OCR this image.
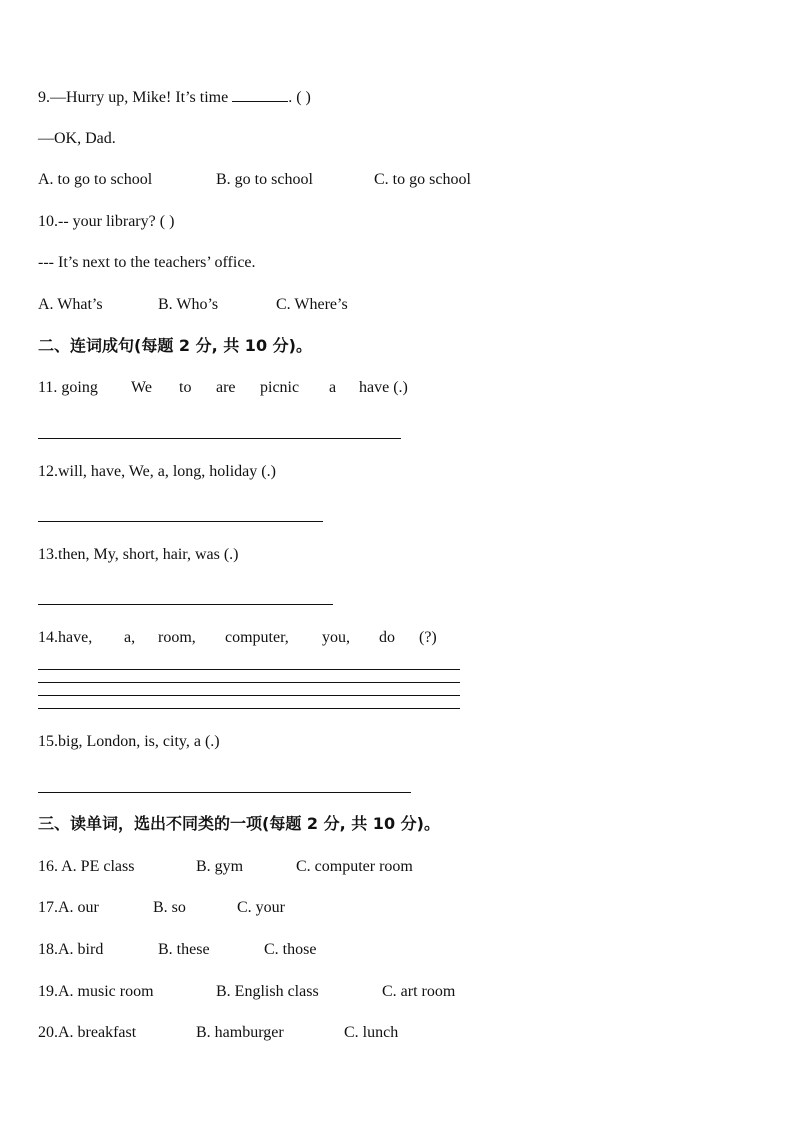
9.—Hurry up, Mike! It’s time	. ( )
—OK, Dad.
A. to go to school	B. go to school	C. to go school
10.-- your library? ( )
--- It’s next to the teachers’ office.
A. What’s	B. Who’s	C. Where’s
二、连词成句(每题 2 分, 共 10 分)。
11. going We to are picnic a have (.)
12.will, have, We, a, long, holiday (.)
13.then, My, short, hair, was (.)
14.have, a, room, computer, you, do (?)
15.big, London, is, city, a (.)
三、读单词，选出不同类的一项(每题 2 分, 共 10 分)。
16. A. PE class	B. gym	C. computer room
17.A. our	B. so	C. your
18.A. bird	B. these	C. those
19.A. music room	B. English class	C. art room
20.A. breakfast	B. hamburger	C. lunch
